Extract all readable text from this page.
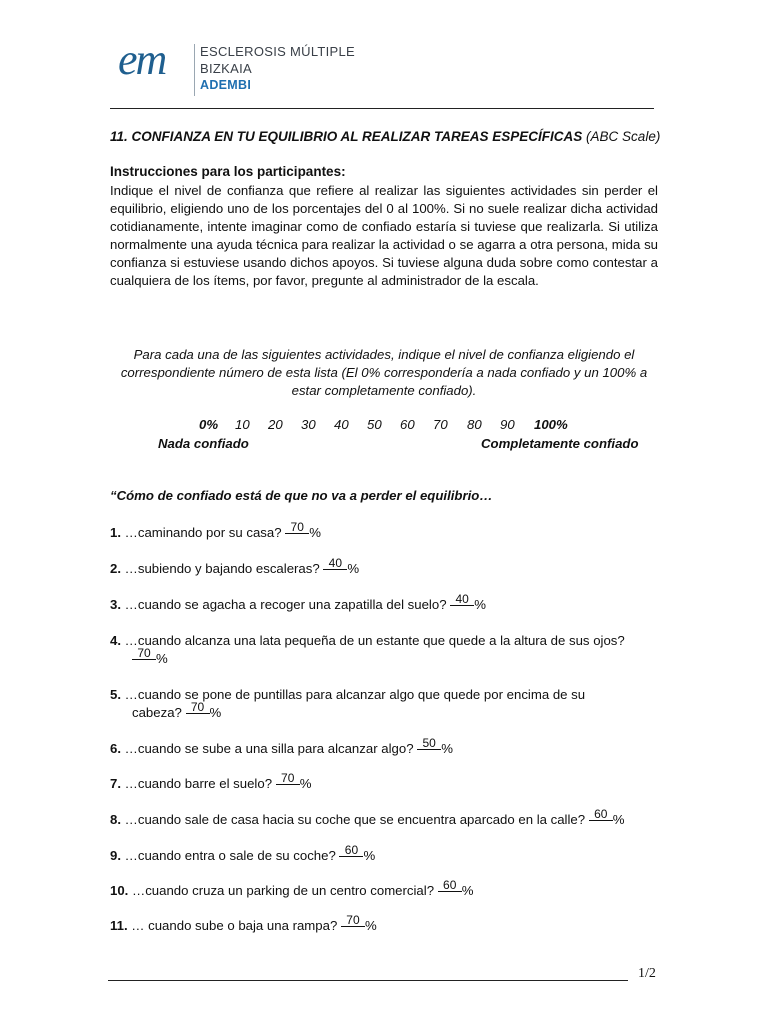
em	ESCLEROSIS MÚLTIPLE
BIZKAIA
ADEMBI
11. CONFIANZA EN TU EQUILIBRIO AL REALIZAR TAREAS ESPECÍFICAS (ABC Scale)
Instrucciones para los participantes:
Indique el nivel de confianza que refiere al realizar las siguientes actividades sin perder el equilibrio, eligiendo uno de los porcentajes del 0 al 100%. Si no suele realizar dicha actividad cotidianamente, intente imaginar como de confiado estaría si tuviese que realizarla. Si utiliza normalmente una ayuda técnica para realizar la actividad o se agarra a otra persona, mida su confianza si estuviese usando dichos apoyos. Si tuviese alguna duda sobre como contestar a cualquiera de los ítems, por favor, pregunte al administrador de la escala.
Para cada una de las siguientes actividades, indique el nivel de confianza eligiendo el correspondiente número de esta lista (El 0% correspondería a nada confiado y un 100% a estar completamente confiado).
0% 10 20 30 40 50 60 70 80 90 100%
Nada confiado	Completamente confiado
“Cómo de confiado está de que no va a perder el equilibrio…
1. …caminando por su casa? 70 %
2. …subiendo y bajando escaleras? 40 %
3. …cuando se agacha a recoger una zapatilla del suelo? 40 %
4. …cuando alcanza una lata pequeña de un estante que quede a la altura de sus ojos?
70 %
5. …cuando se pone de puntillas para alcanzar algo que quede por encima de su
cabeza? 70 %
6. …cuando se sube a una silla para alcanzar algo? 50 %
7. …cuando barre el suelo? 70 %
8. …cuando sale de casa hacia su coche que se encuentra aparcado en la calle? 60 %
9. …cuando entra o sale de su coche? 60 %
10. …cuando cruza un parking de un centro comercial? 60 %
11. … cuando sube o baja una rampa? 70 %
1/2
